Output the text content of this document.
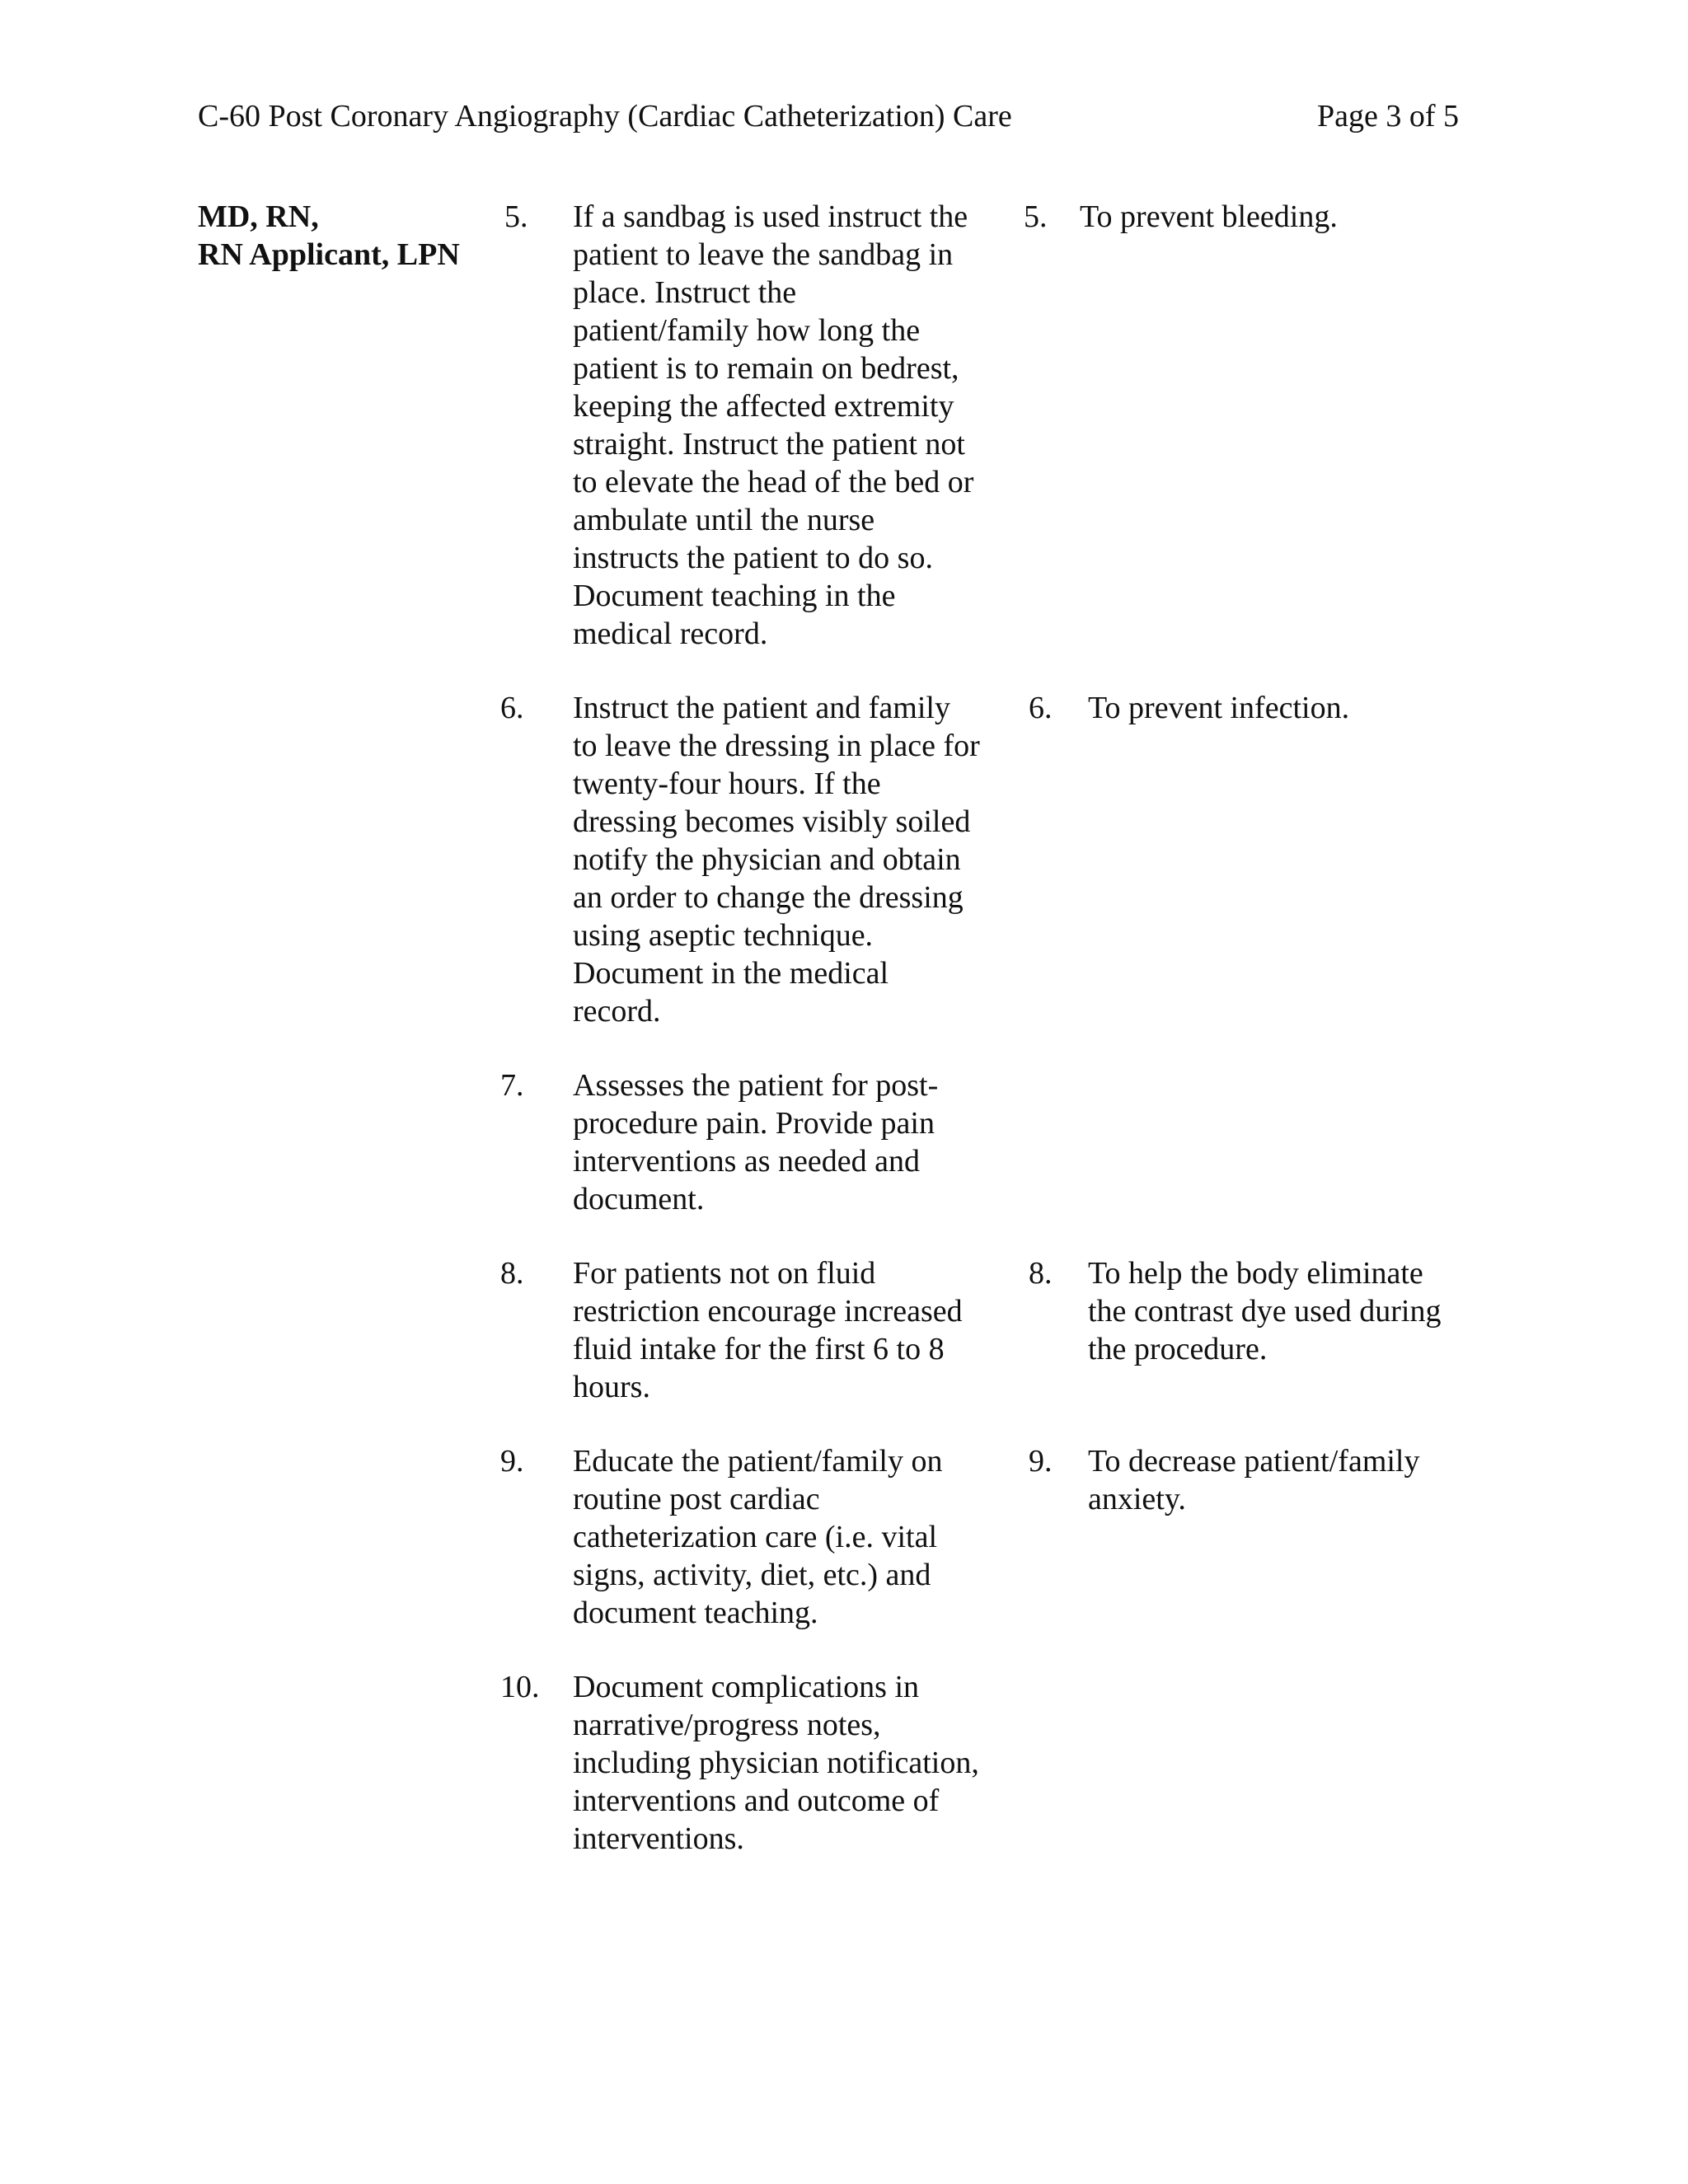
C-60 Post Coronary Angiography (Cardiac Catheterization) Care	Page 3 of 5
MD, RN,
RN Applicant, LPN
5. If a sandbag is used instruct the
patient to leave the sandbag in
place. Instruct the
patient/family how long the
patient is to remain on bedrest,
keeping the affected extremity
straight. Instruct the patient not
to elevate the head of the bed or
ambulate until the nurse
instructs the patient to do so.
Document teaching in the
medical record.
5. To prevent bleeding.
6. Instruct the patient and family
to leave the dressing in place for
twenty-four hours. If the
dressing becomes visibly soiled
notify the physician and obtain
an order to change the dressing
using aseptic technique.
Document in the medical
record.
6. To prevent infection.
7. Assesses the patient for post-
procedure pain. Provide pain
interventions as needed and
document.
8. For patients not on fluid
restriction encourage increased
fluid intake for the first 6 to 8
hours.
8. To help the body eliminate
the contrast dye used during
the procedure.
9. Educate the patient/family on
routine post cardiac
catheterization care (i.e. vital
signs, activity, diet, etc.) and
document teaching.
9. To decrease patient/family
anxiety.
10. Document complications in
narrative/progress notes,
including physician notification,
interventions and outcome of
interventions.
